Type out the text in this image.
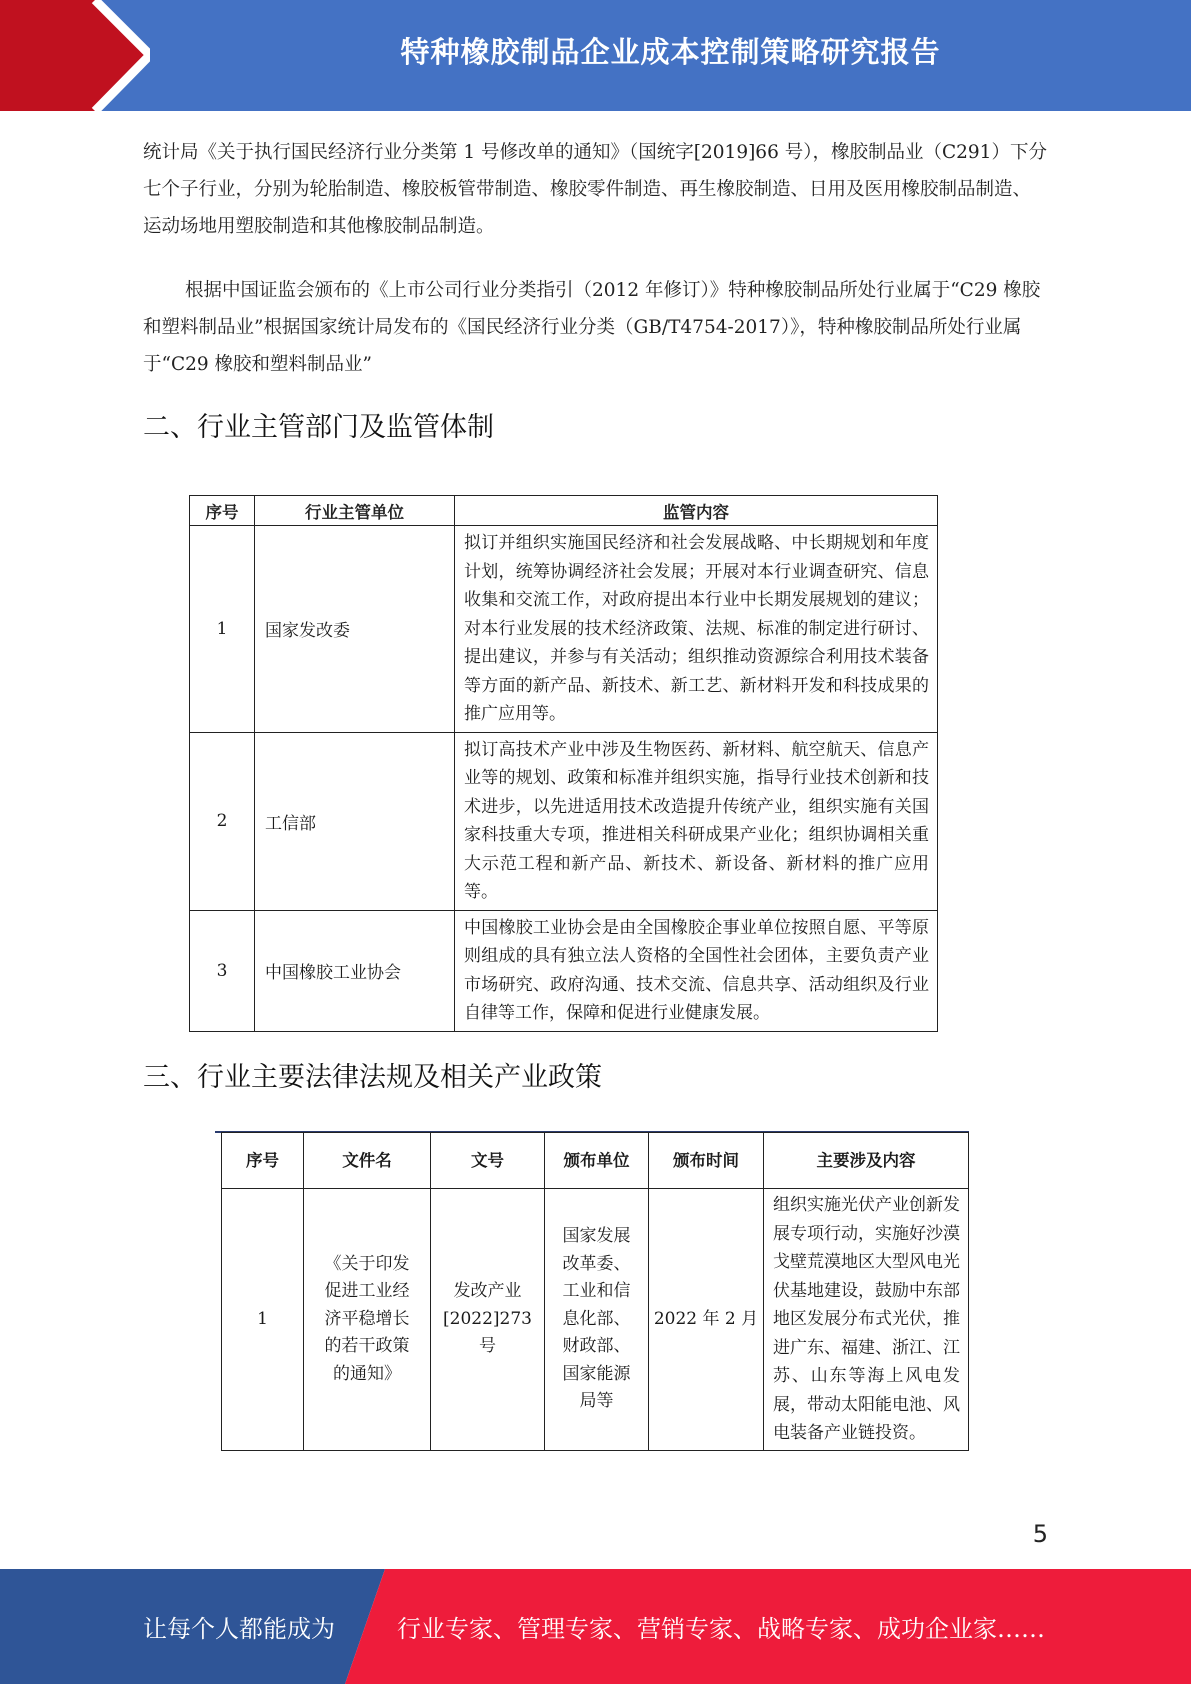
特种橡胶制品企业成本控制策略研究报告
统计局《关于执行国民经济行业分类第 1 号修改单的通知》（国统字[2019]66 号），橡胶制品业（C291）下分七个子行业，分别为轮胎制造、橡胶板管带制造、橡胶零件制造、再生橡胶制造、日用及医用橡胶制品制造、运动场地用塑胶制造和其他橡胶制品制造。
根据中国证监会颁布的《上市公司行业分类指引（2012 年修订）》特种橡胶制品所处行业属于“C29 橡胶和塑料制品业”根据国家统计局发布的《国民经济行业分类（GB/T4754-2017）》，特种橡胶制品所处行业属于“C29 橡胶和塑料制品业”
二、行业主管部门及监管体制
序号	行业主管单位	监管内容
1	国家发改委	拟订并组织实施国民经济和社会发展战略、中长期规划和年度计划，统筹协调经济社会发展；开展对本行业调查研究、信息收集和交流工作，对政府提出本行业中长期发展规划的建议；对本行业发展的技术经济政策、法规、标准的制定进行研讨、提出建议，并参与有关活动；组织推动资源综合利用技术装备等方面的新产品、新技术、新工艺、新材料开发和科技成果的推广应用等。
2	工信部	拟订高技术产业中涉及生物医药、新材料、航空航天、信息产业等的规划、政策和标准并组织实施，指导行业技术创新和技术进步，以先进适用技术改造提升传统产业，组织实施有关国家科技重大专项，推进相关科研成果产业化；组织协调相关重大示范工程和新产品、新技术、新设备、新材料的推广应用等。
3	中国橡胶工业协会	中国橡胶工业协会是由全国橡胶企事业单位按照自愿、平等原则组成的具有独立法人资格的全国性社会团体，主要负责产业市场研究、政府沟通、技术交流、信息共享、活动组织及行业自律等工作，保障和促进行业健康发展。
三、行业主要法律法规及相关产业政策
序号	文件名	文号	颁布单位	颁布时间	主要涉及内容
1	《关于印发促进工业经济平稳增长的若干政策的通知》	发改产业[2022]273号	国家发展改革委、工业和信息化部、财政部、国家能源局等	2022 年 2 月	组织实施光伏产业创新发展专项行动，实施好沙漠戈壁荒漠地区大型风电光伏基地建设，鼓励中东部地区发展分布式光伏，推进广东、福建、浙江、江苏、山东等海上风电发展，带动太阳能电池、风电装备产业链投资。
5
让每个人都能成为	行业专家、管理专家、营销专家、战略专家、成功企业家……
